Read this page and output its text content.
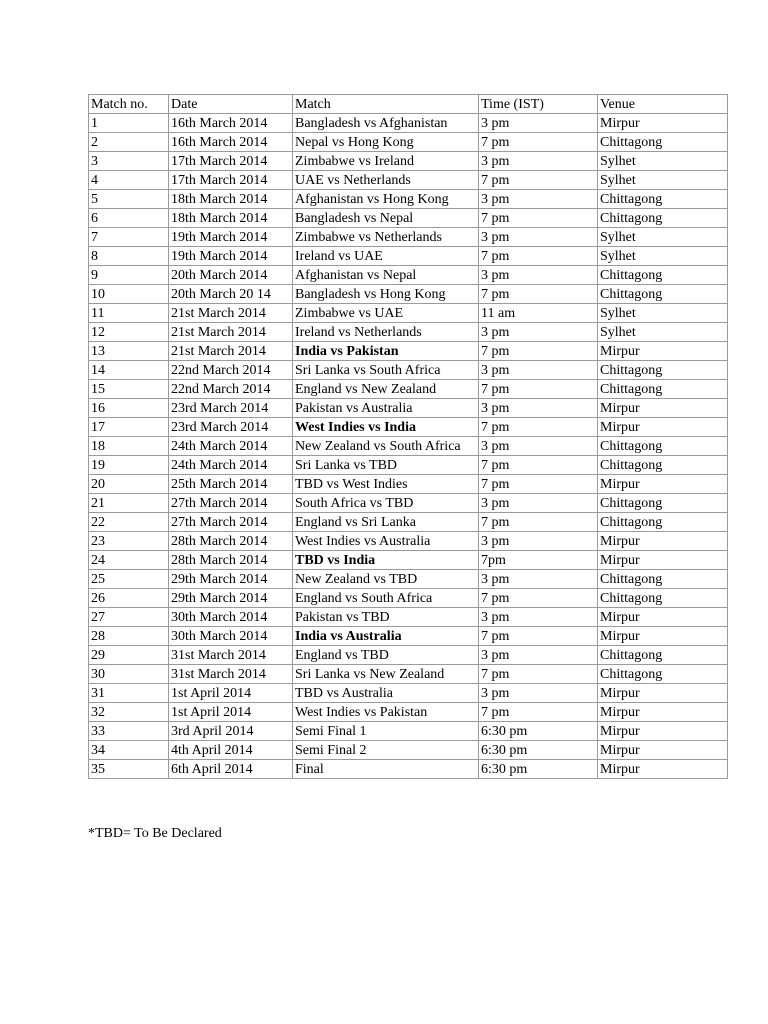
Match no.	Date	Match	Time (IST)	Venue
1	16th March 2014	Bangladesh vs Afghanistan	3 pm	Mirpur
2	16th March 2014	Nepal vs Hong Kong	7 pm	Chittagong
3	17th March 2014	Zimbabwe vs Ireland	3 pm	Sylhet
4	17th March 2014	UAE vs Netherlands	7 pm	Sylhet
5	18th March 2014	Afghanistan vs Hong Kong	3 pm	Chittagong
6	18th March 2014	Bangladesh vs Nepal	7 pm	Chittagong
7	19th March 2014	Zimbabwe vs Netherlands	3 pm	Sylhet
8	19th March 2014	Ireland vs UAE	7 pm	Sylhet
9	20th March 2014	Afghanistan vs Nepal	3 pm	Chittagong
10	20th March 20 14	Bangladesh vs Hong Kong	7 pm	Chittagong
11	21st March 2014	Zimbabwe vs UAE	11 am	Sylhet
12	21st March 2014	Ireland vs Netherlands	3 pm	Sylhet
13	21st March 2014	India vs Pakistan	7 pm	Mirpur
14	22nd March 2014	Sri Lanka vs South Africa	3 pm	Chittagong
15	22nd March 2014	England vs New Zealand	7 pm	Chittagong
16	23rd March 2014	Pakistan vs Australia	3 pm	Mirpur
17	23rd March 2014	West Indies vs India	7 pm	Mirpur
18	24th March 2014	New Zealand vs South Africa	3 pm	Chittagong
19	24th March 2014	Sri Lanka vs TBD	7 pm	Chittagong
20	25th March 2014	TBD vs West Indies	7 pm	Mirpur
21	27th March 2014	South Africa vs TBD	3 pm	Chittagong
22	27th March 2014	England vs Sri Lanka	7 pm	Chittagong
23	28th March 2014	West Indies vs Australia	3 pm	Mirpur
24	28th March 2014	TBD vs India	7pm	Mirpur
25	29th March 2014	New Zealand vs TBD	3 pm	Chittagong
26	29th March 2014	England vs South Africa	7 pm	Chittagong
27	30th March 2014	Pakistan vs TBD	3 pm	Mirpur
28	30th March 2014	India vs Australia	7 pm	Mirpur
29	31st March 2014	England vs TBD	3 pm	Chittagong
30	31st March 2014	Sri Lanka vs New Zealand	7 pm	Chittagong
31	1st April 2014	TBD vs Australia	3 pm	Mirpur
32	1st April 2014	West Indies vs Pakistan	7 pm	Mirpur
33	3rd April 2014	Semi Final 1	6:30 pm	Mirpur
34	4th April 2014	Semi Final 2	6:30 pm	Mirpur
35	6th April 2014	Final	6:30 pm	Mirpur

*TBD= To Be Declared
